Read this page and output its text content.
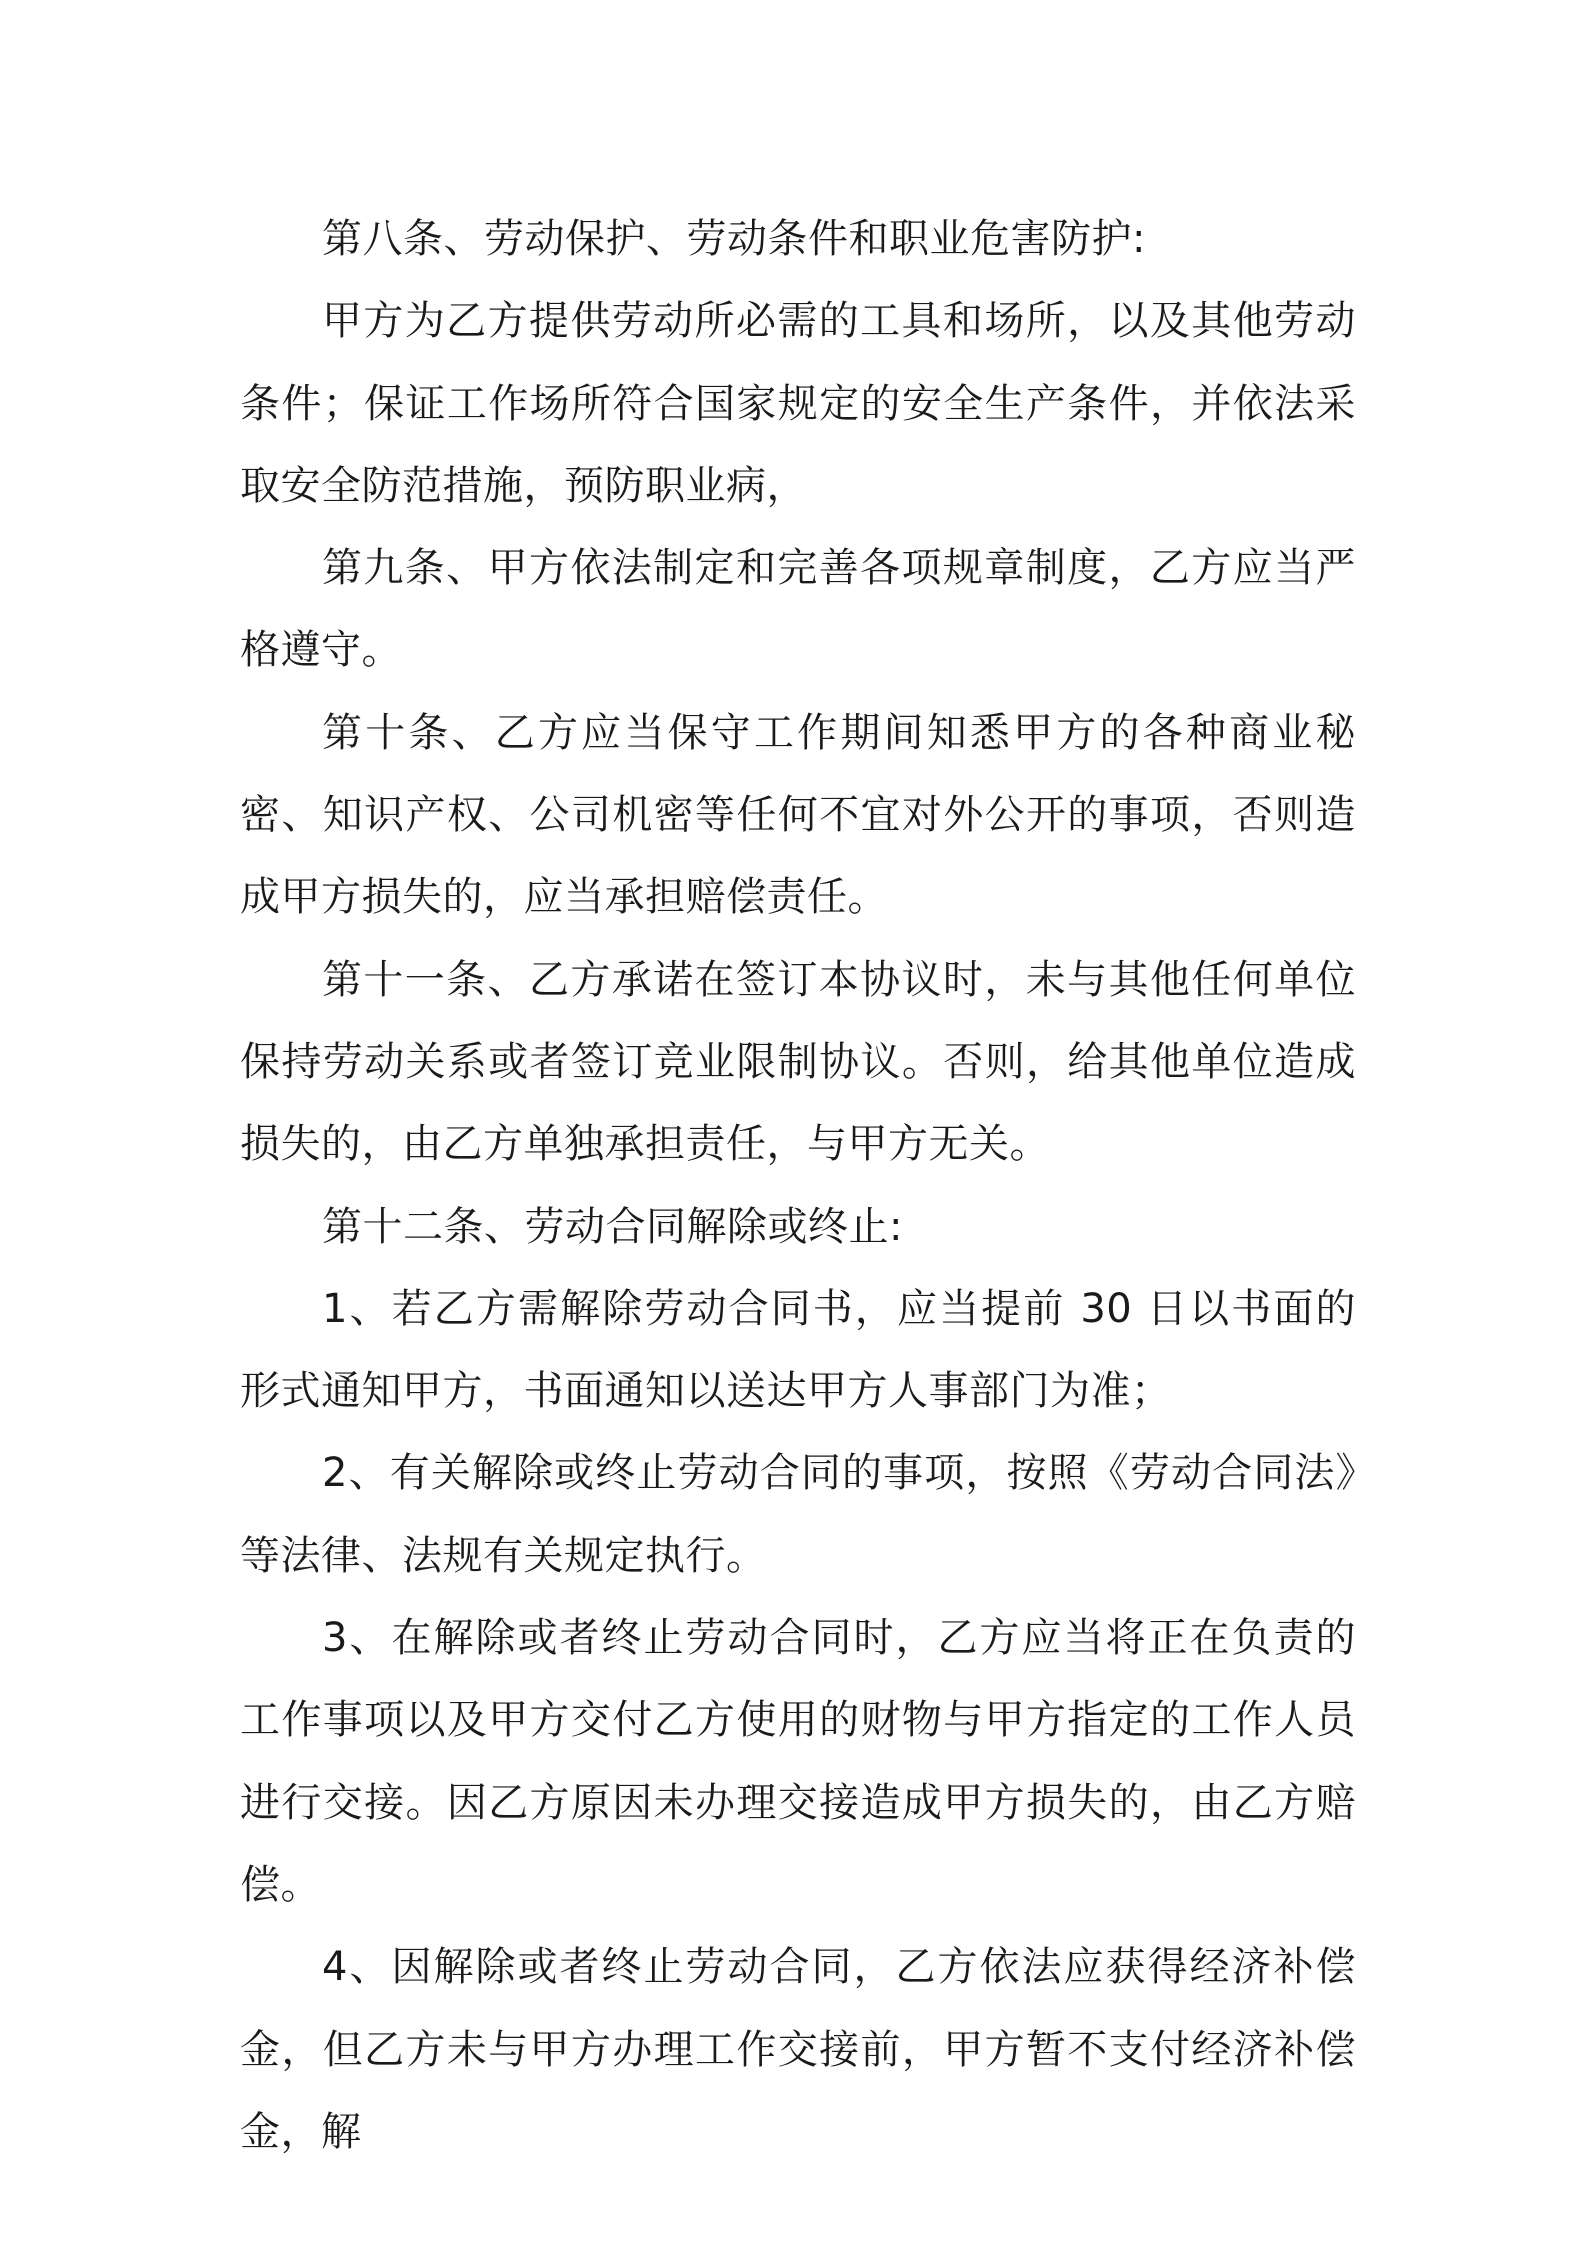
第八条、劳动保护、劳动条件和职业危害防护:

甲方为乙方提供劳动所必需的工具和场所，以及其他劳动条件；保证工作场所符合国家规定的安全生产条件，并依法采取安全防范措施，预防职业病，

第九条、甲方依法制定和完善各项规章制度，乙方应当严格遵守。

第十条、乙方应当保守工作期间知悉甲方的各种商业秘密、知识产权、公司机密等任何不宜对外公开的事项，否则造成甲方损失的，应当承担赔偿责任。

第十一条、乙方承诺在签订本协议时，未与其他任何单位保持劳动关系或者签订竞业限制协议。否则，给其他单位造成损失的，由乙方单独承担责任，与甲方无关。

第十二条、劳动合同解除或终止:

1、若乙方需解除劳动合同书，应当提前 30 日以书面的形式通知甲方，书面通知以送达甲方人事部门为准；

2、有关解除或终止劳动合同的事项，按照《劳动合同法》等法律、法规有关规定执行。

3、在解除或者终止劳动合同时，乙方应当将正在负责的工作事项以及甲方交付乙方使用的财物与甲方指定的工作人员进行交接。因乙方原因未办理交接造成甲方损失的，由乙方赔偿。

4、因解除或者终止劳动合同，乙方依法应获得经济补偿金，但乙方未与甲方办理工作交接前，甲方暂不支付经济补偿金，解
